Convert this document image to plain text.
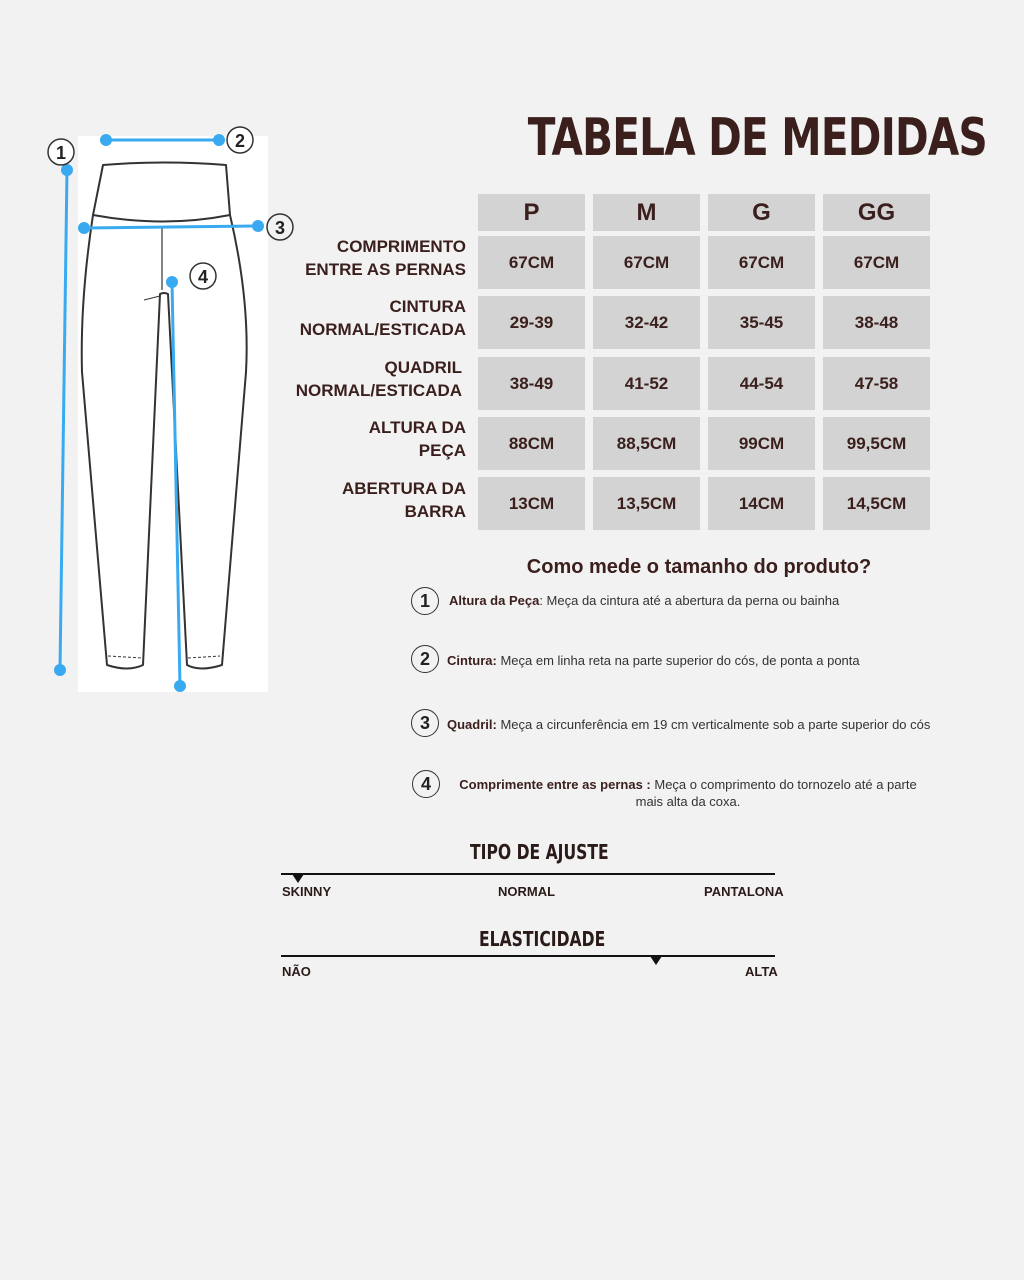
1
2
3
4
TABELA DE MEDIDAS
P	M	G	GG
COMPRIMENTO
ENTRE AS PERNAS	67CM	67CM	67CM	67CM
CINTURA
NORMAL/ESTICADA	29-39	32-42	35-45	38-48
QUADRIL
NORMAL/ESTICADA	38-49	41-52	44-54	47-58
ALTURA DA
PEÇA	88CM	88,5CM	99CM	99,5CM
ABERTURA DA
BARRA	13CM	13,5CM	14CM	14,5CM
Como mede o tamanho do produto?
1	Altura da Peça: Meça da cintura até a abertura da perna ou bainha
2	Cintura: Meça em linha reta na parte superior do cós, de ponta a ponta
3	Quadril: Meça a circunferência em 19 cm verticalmente sob a parte superior do cós
4	Comprimente entre as pernas : Meça o comprimento do tornozelo até a parte
mais alta da coxa.
TIPO DE AJUSTE
SKINNY	NORMAL	PANTALONA
ELASTICIDADE
NÃO	ALTA
